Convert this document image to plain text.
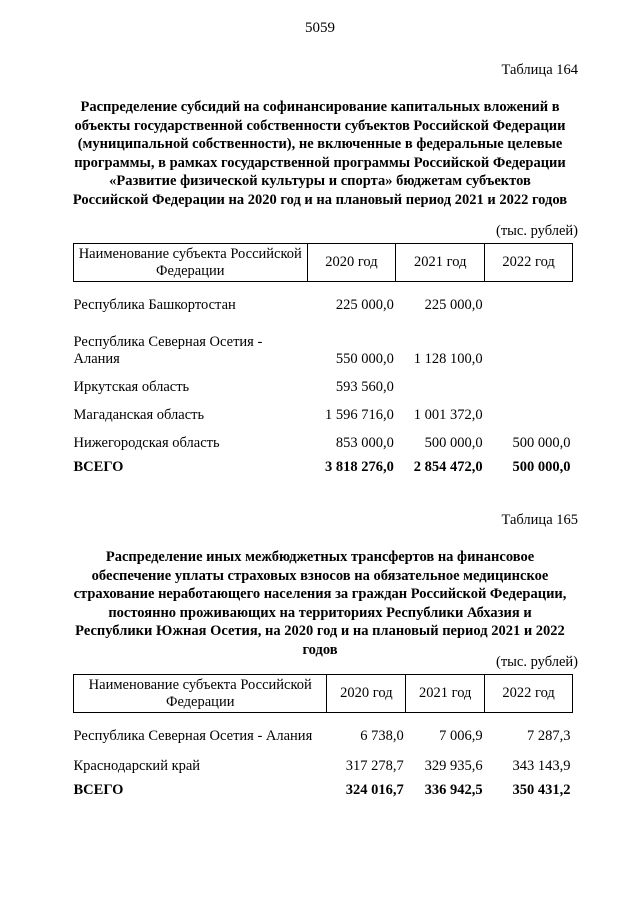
5059
Таблица 164
Распределение субсидий на софинансирование капитальных вложений в объекты государственной собственности субъектов Российской Федерации (муниципальной собственности), не включенные в федеральные целевые программы, в рамках государственной программы Российской Федерации «Развитие физической культуры и спорта» бюджетам субъектов Российской Федерации на 2020 год и на плановый период 2021 и 2022 годов
(тыс. рублей)
Наименование субъекта Российской Федерации	2020 год	2021 год	2022 год
Республика Башкортостан	225 000,0	225 000,0	
Республика Северная Осетия - Алания	550 000,0	1 128 100,0	
Иркутская область	593 560,0		
Магаданская область	1 596 716,0	1 001 372,0	
Нижегородская область	853 000,0	500 000,0	500 000,0
ВСЕГО	3 818 276,0	2 854 472,0	500 000,0
Таблица 165
Распределение иных межбюджетных трансфертов на финансовое обеспечение уплаты страховых взносов на обязательное медицинское страхование неработающего населения за граждан Российской Федерации, постоянно проживающих на территориях Республики Абхазия и Республики Южная Осетия, на 2020 год и на плановый период 2021 и 2022 годов
(тыс. рублей)
Наименование субъекта Российской Федерации	2020 год	2021 год	2022 год
Республика Северная Осетия - Алания	6 738,0	7 006,9	7 287,3
Краснодарский край	317 278,7	329 935,6	343 143,9
ВСЕГО	324 016,7	336 942,5	350 431,2
